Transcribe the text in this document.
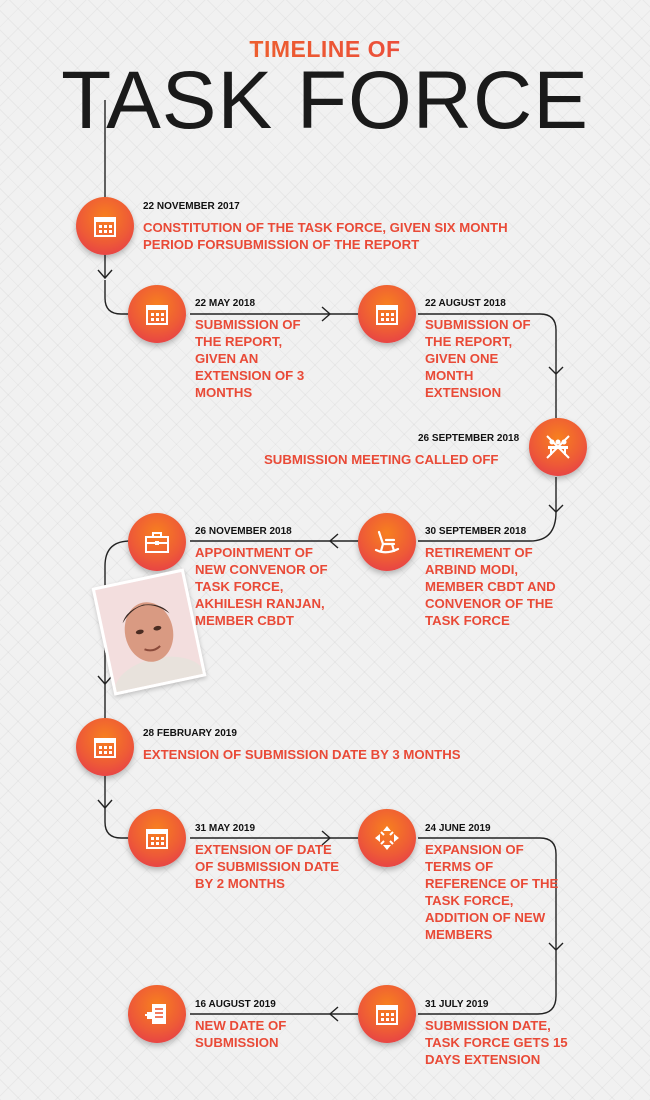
TIMELINE OF
TASK FORCE
22 NOVEMBER 2017
CONSTITUTION OF THE TASK FORCE, GIVEN SIX MONTH PERIOD FORSUBMISSION OF THE REPORT
22 MAY 2018
SUBMISSION OF THE REPORT, GIVEN AN EXTENSION OF 3 MONTHS
22 AUGUST 2018
SUBMISSION OF THE REPORT, GIVEN ONE MONTH EXTENSION
26 SEPTEMBER 2018
SUBMISSION MEETING CALLED OFF
30 SEPTEMBER 2018
RETIREMENT OF ARBIND MODI, MEMBER CBDT AND CONVENOR OF THE TASK FORCE
26 NOVEMBER 2018
APPOINTMENT OF NEW CONVENOR OF TASK FORCE, AKHILESH RANJAN, MEMBER CBDT
28 FEBRUARY 2019
EXTENSION OF SUBMISSION DATE BY 3 MONTHS
31 MAY 2019
EXTENSION OF DATE OF SUBMISSION DATE BY 2 MONTHS
24 JUNE 2019
EXPANSION OF TERMS OF REFERENCE OF THE TASK FORCE, ADDITION OF NEW MEMBERS
31 JULY 2019
SUBMISSION DATE, TASK FORCE GETS 15 DAYS EXTENSION
16 AUGUST 2019
NEW DATE OF SUBMISSION
